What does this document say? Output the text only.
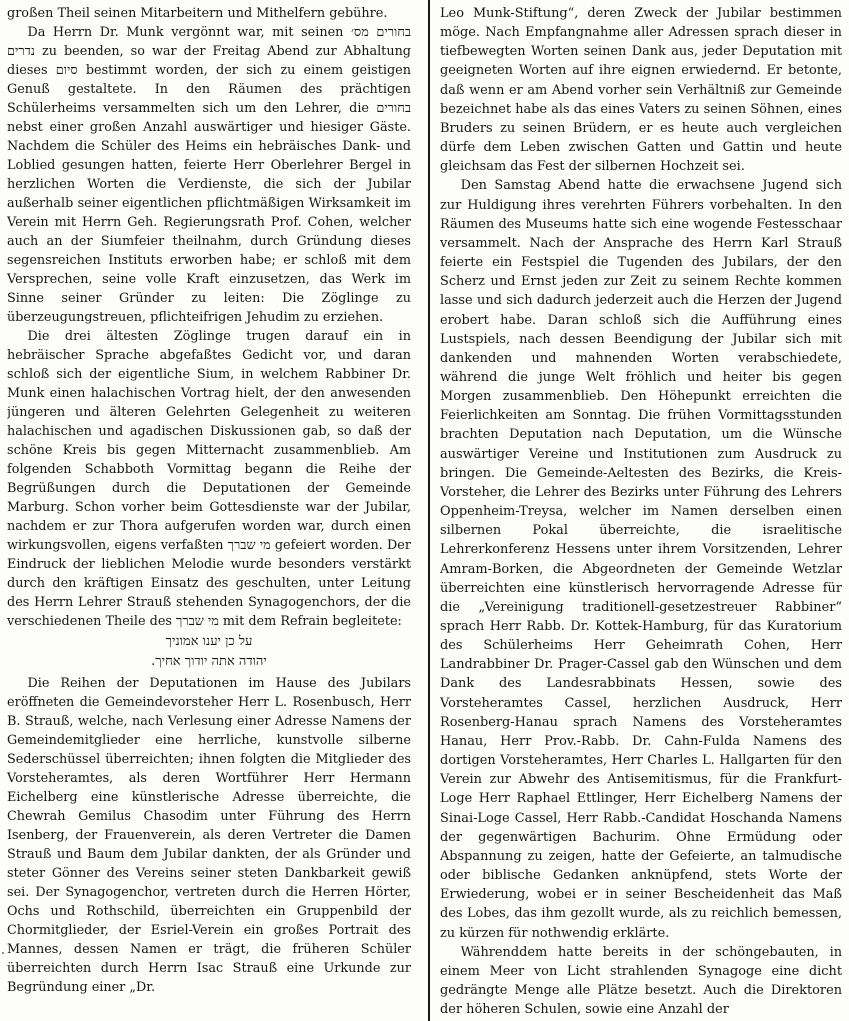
großen Theil seinen Mitarbeitern und Mithelfern gebühre.

Da Herrn Dr. Munk vergönnt war, mit seinen בחורים מס׳ נדרים zu beenden, so war der Freitag Abend zur Abhaltung dieses סיום bestimmt worden, der sich zu einem geistigen Genuß gestaltete. In den Räumen des prächtigen Schülerheims versammelten sich um den Lehrer, die בחורים nebst einer großen Anzahl auswärtiger und hiesiger Gäste. Nachdem die Schüler des Heims ein hebräisches Dank- und Loblied gesungen hatten, feierte Herr Oberlehrer Bergel in herzlichen Worten die Verdienste, die sich der Jubilar außerhalb seiner eigentlichen pflichtmäßigen Wirksamkeit im Verein mit Herrn Geh. Regierungsrath Prof. Cohen, welcher auch an der Siumfeier theilnahm, durch Gründung dieses segensreichen Instituts erworben habe; er schloß mit dem Versprechen, seine volle Kraft einzusetzen, das Werk im Sinne seiner Gründer zu leiten: Die Zöglinge zu überzeugungstreuen, pflichteifrigen Jehudim zu erziehen.

Die drei ältesten Zöglinge trugen darauf ein in hebräischer Sprache abgefaßtes Gedicht vor, und daran schloß sich der eigentliche Sium, in welchem Rabbiner Dr. Munk einen halachischen Vortrag hielt, der den anwesenden jüngeren und älteren Gelehrten Gelegenheit zu weiteren halachischen und agadischen Diskussionen gab, so daß der schöne Kreis bis gegen Mitternacht zusammenblieb. Am folgenden Schabboth Vormittag begann die Reihe der Begrüßungen durch die Deputationen der Gemeinde Marburg. Schon vorher beim Gottesdienste war der Jubilar, nachdem er zur Thora aufgerufen worden war, durch einen wirkungsvollen, eigens verfaßten מי שברך gefeiert worden. Der Eindruck der lieblichen Melodie wurde besonders verstärkt durch den kräftigen Einsatz des geschulten, unter Leitung des Herrn Lehrer Strauß stehenden Synagogenchors, der die verschiedenen Theile des מי שברך mit dem Refrain begleitete:

על כן יענו אמוניך
יהודה אתה יודוך אחיך.

Die Reihen der Deputationen im Hause des Jubilars eröffneten die Gemeindevorsteher Herr L. Rosenbusch, Herr B. Strauß, welche, nach Verlesung einer Adresse Namens der Gemeindemitglieder eine herrliche, kunstvolle silberne Sederschüssel überreichten; ihnen folgten die Mitglieder des Vorsteheramtes, als deren Wortführer Herr Hermann Eichelberg eine künstlerische Adresse überreichte, die Chewrah Gemilus Chasodim unter Führung des Herrn Isenberg, der Frauenverein, als deren Vertreter die Damen Strauß und Baum dem Jubilar dankten, der als Gründer und steter Gönner des Vereins seiner steten Dankbarkeit gewiß sei. Der Synagogenchor, vertreten durch die Herren Hörter, Ochs und Rothschild, überreichten ein Gruppenbild der Chormitglieder, der Esriel-Verein ein großes Portrait des Mannes, dessen Namen er trägt, die früheren Schüler überreichten durch Herrn Isac Strauß eine Urkunde zur Begründung einer „Dr.

Leo Munk-Stiftung“, deren Zweck der Jubilar bestimmen möge. Nach Empfangnahme aller Adressen sprach dieser in tiefbewegten Worten seinen Dank aus, jeder Deputation mit geeigneten Worten auf ihre eignen erwiedernd. Er betonte, daß wenn er am Abend vorher sein Verhältniß zur Gemeinde bezeichnet habe als das eines Vaters zu seinen Söhnen, eines Bruders zu seinen Brüdern, er es heute auch vergleichen dürfe dem Leben zwischen Gatten und Gattin und heute gleichsam das Fest der silbernen Hochzeit sei.

Den Samstag Abend hatte die erwachsene Jugend sich zur Huldigung ihres verehrten Führers vorbehalten. In den Räumen des Museums hatte sich eine wogende Festesschaar versammelt. Nach der Ansprache des Herrn Karl Strauß feierte ein Festspiel die Tugenden des Jubilars, der den Scherz und Ernst jeden zur Zeit zu seinem Rechte kommen lasse und sich dadurch jederzeit auch die Herzen der Jugend erobert habe. Daran schloß sich die Aufführung eines Lustspiels, nach dessen Beendigung der Jubilar sich mit dankenden und mahnenden Worten verabschiedete, während die junge Welt fröhlich und heiter bis gegen Morgen zusammenblieb. Den Höhepunkt erreichten die Feierlichkeiten am Sonntag. Die frühen Vormittagsstunden brachten Deputation nach Deputation, um die Wünsche auswärtiger Vereine und Institutionen zum Ausdruck zu bringen. Die Gemeinde-Aeltesten des Bezirks, die Kreis-Vorsteher, die Lehrer des Bezirks unter Führung des Lehrers Oppenheim-Treysa, welcher im Namen derselben einen silbernen Pokal überreichte, die israelitische Lehrerkonferenz Hessens unter ihrem Vorsitzenden, Lehrer Amram-Borken, die Abgeordneten der Gemeinde Wetzlar überreichten eine künstlerisch hervorragende Adresse für die „Vereinigung traditionell-gesetzestreuer Rabbiner“ sprach Herr Rabb. Dr. Kottek-Hamburg, für das Kuratorium des Schülerheims Herr Geheimrath Cohen, Herr Landrabbiner Dr. Prager-Cassel gab den Wünschen und dem Dank des Landesrabbinats Hessen, sowie des Vorsteheramtes Cassel, herzlichen Ausdruck, Herr Rosenberg-Hanau sprach Namens des Vorsteheramtes Hanau, Herr Prov.-Rabb. Dr. Cahn-Fulda Namens des dortigen Vorsteheramtes, Herr Charles L. Hallgarten für den Verein zur Abwehr des Antisemitismus, für die Frankfurt-Loge Herr Raphael Ettlinger, Herr Eichelberg Namens der Sinai-Loge Cassel, Herr Rabb.-Candidat Hoschanda Namens der gegenwärtigen Bachurim. Ohne Ermüdung oder Abspannung zu zeigen, hatte der Gefeierte, an talmudische oder biblische Gedanken anknüpfend, stets Worte der Erwiederung, wobei er in seiner Bescheidenheit das Maß des Lobes, das ihm gezollt wurde, als zu reichlich bemessen, zu kürzen für nothwendig erklärte.

Währenddem hatte bereits in der schöngebauten, in einem Meer von Licht strahlenden Synagoge eine dicht gedrängte Menge alle Plätze besetzt. Auch die Direktoren der höheren Schulen, sowie eine Anzahl der
